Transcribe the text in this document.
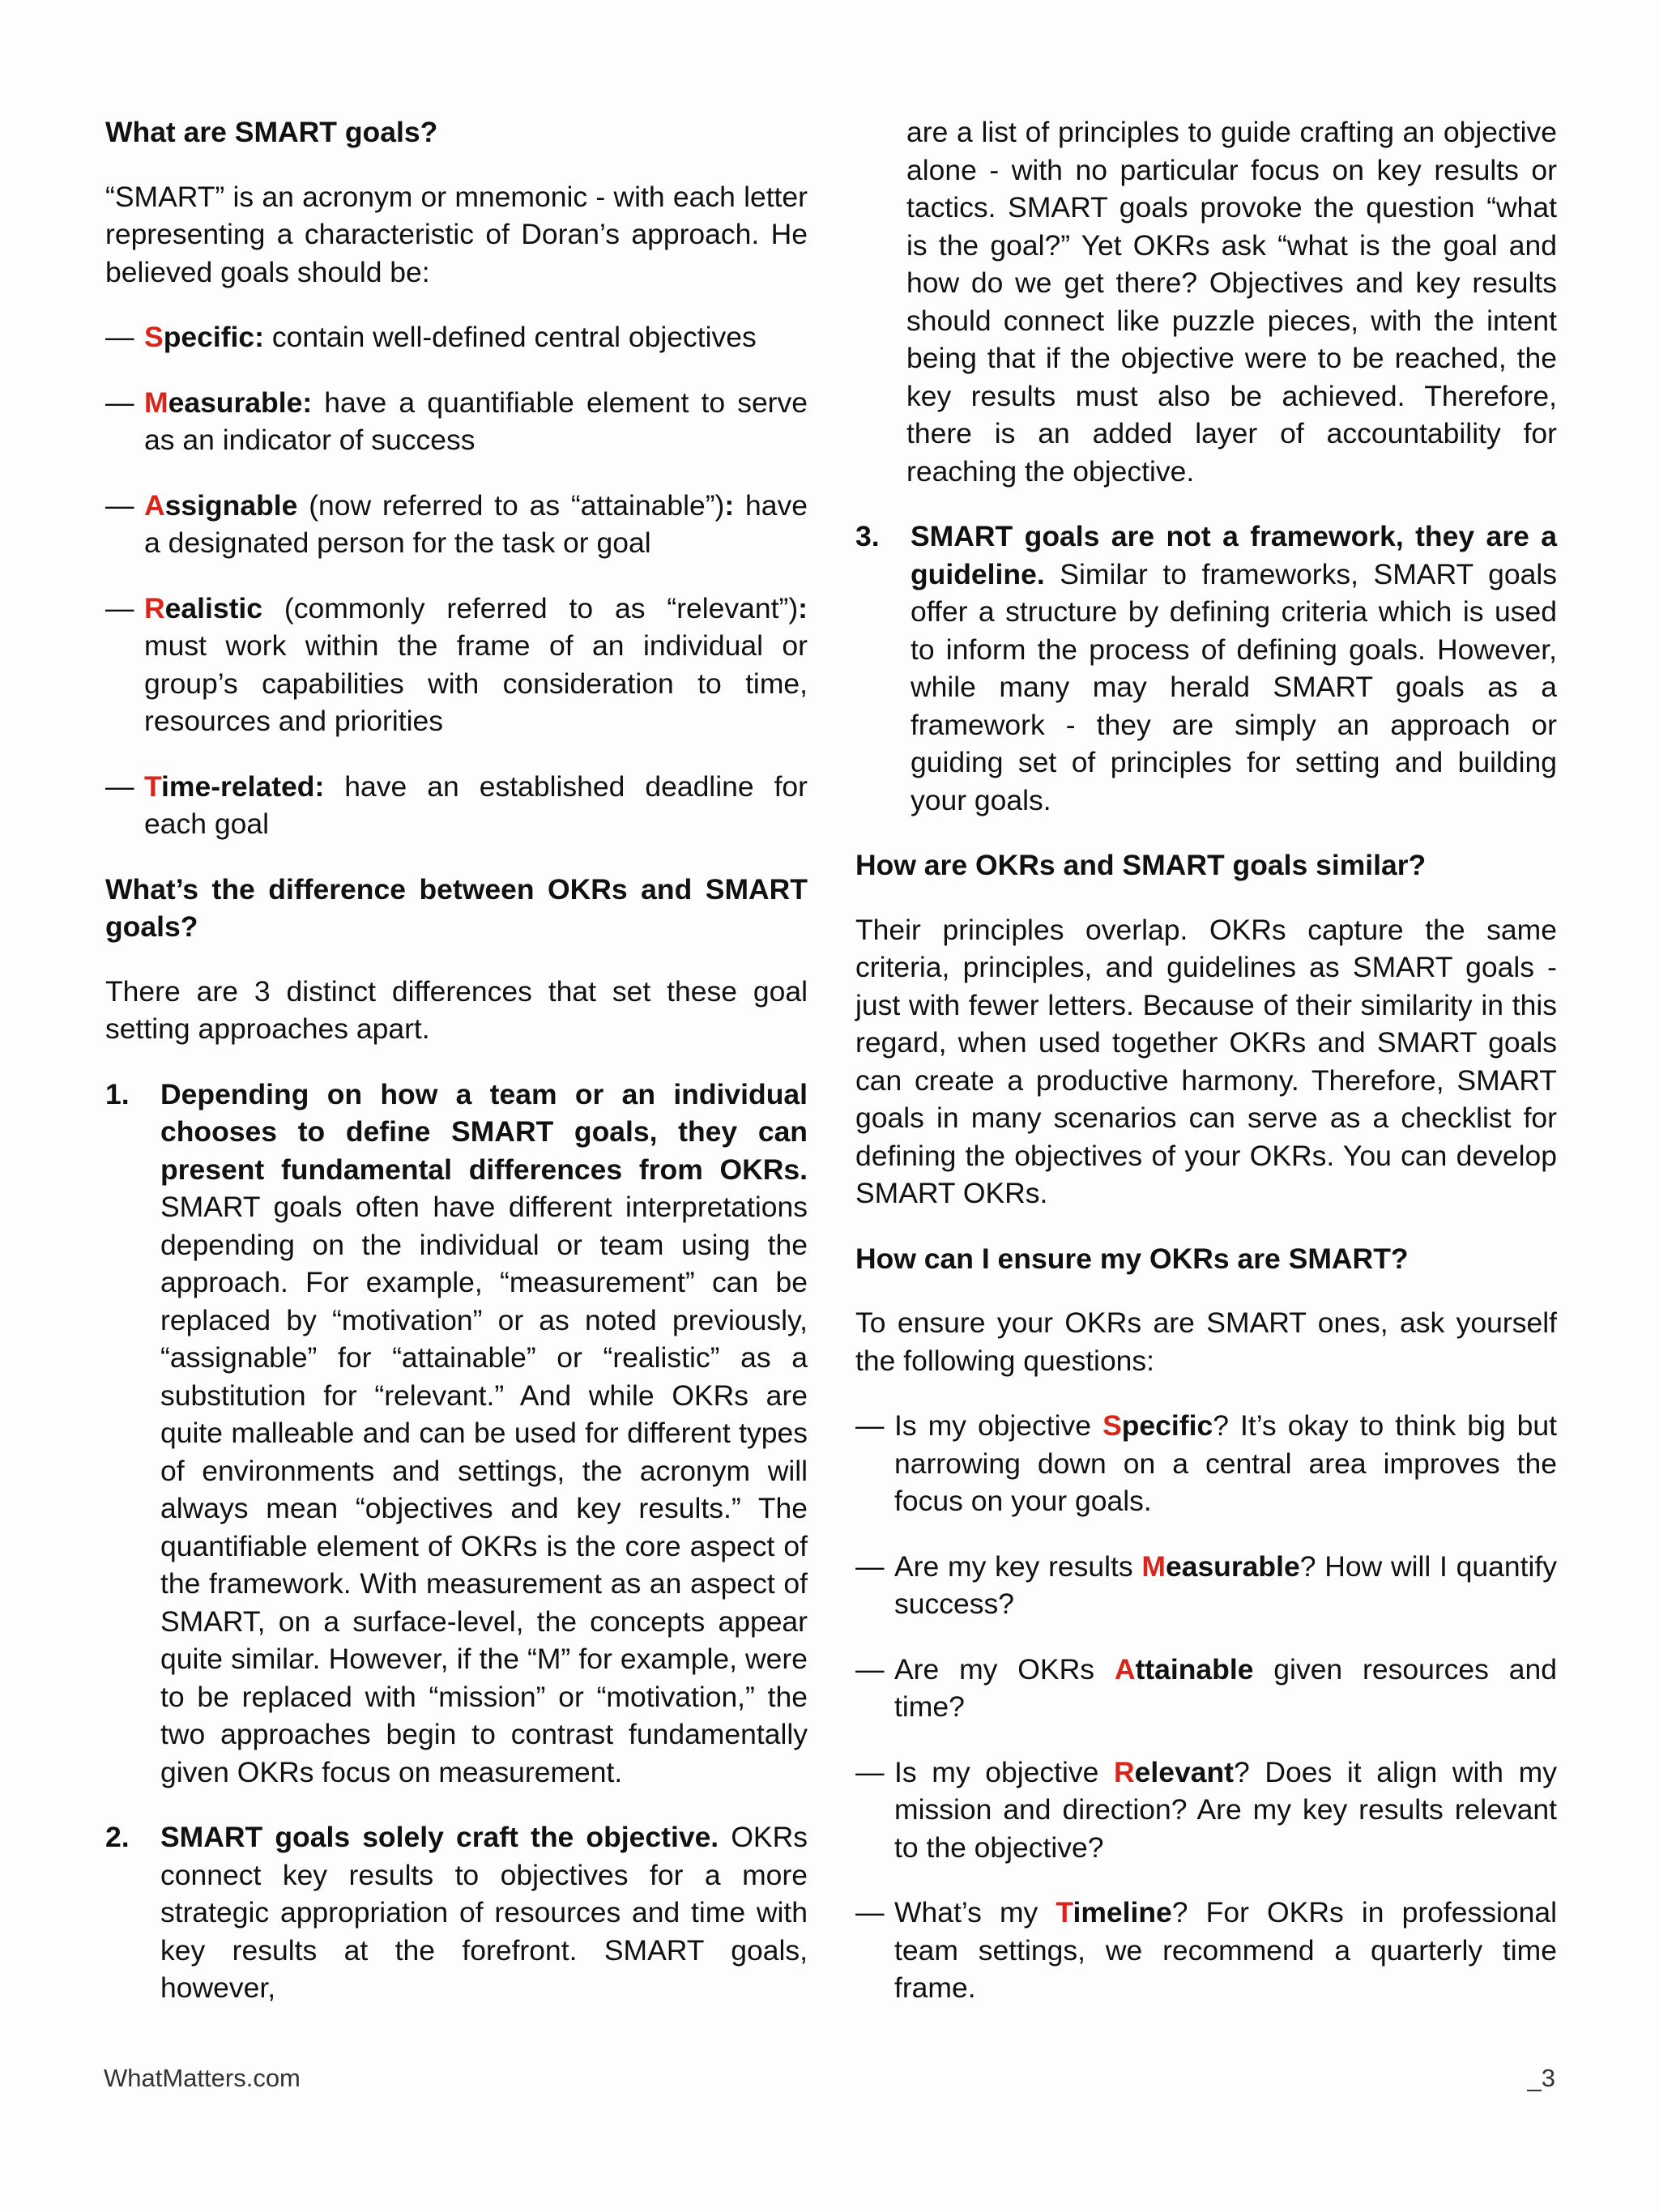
What are SMART goals?

“SMART” is an acronym or mnemonic - with each letter representing a characteristic of Doran’s approach. He believed goals should be:

— Specific: contain well-defined central objectives
— Measurable: have a quantifiable element to serve as an indicator of success
— Assignable (now referred to as “attainable”): have a designated person for the task or goal
— Realistic (commonly referred to as “relevant”): must work within the frame of an individual or group’s capabilities with consideration to time, resources and priorities
— Time-related: have an established deadline for each goal
What’s the difference between OKRs and SMART goals?

There are 3 distinct differences that set these goal setting approaches apart.

1. Depending on how a team or an individual chooses to define SMART goals, they can present fundamental differences from OKRs. SMART goals often have different interpretations depending on the individual or team using the approach. For example, “measurement” can be replaced by “motivation” or as noted previously, “assignable” for “attainable” or “realistic” as a substitution for “relevant.” And while OKRs are quite malleable and can be used for different types of environments and settings, the acronym will always mean “objectives and key results.” The quantifiable element of OKRs is the core aspect of the framework. With measurement as an aspect of SMART, on a surface-level, the concepts appear quite similar. However, if the “M” for example, were to be replaced with “mission” or “motivation,” the two approaches begin to contrast fundamentally given OKRs focus on measurement.
2. SMART goals solely craft the objective. OKRs connect key results to objectives for a more strategic appropriation of resources and time with key results at the forefront. SMART goals, however,

are a list of principles to guide crafting an objective alone - with no particular focus on key results or tactics. SMART goals provoke the question “what is the goal?” Yet OKRs ask “what is the goal and how do we get there? Objectives and key results should connect like puzzle pieces, with the intent being that if the objective were to be reached, the key results must also be achieved. Therefore, there is an added layer of accountability for reaching the objective.

3. SMART goals are not a framework, they are a guideline. Similar to frameworks, SMART goals offer a structure by defining criteria which is used to inform the process of defining goals. However, while many may herald SMART goals as a framework - they are simply an approach or guiding set of principles for setting and building your goals.
How are OKRs and SMART goals similar?

Their principles overlap. OKRs capture the same criteria, principles, and guidelines as SMART goals - just with fewer letters. Because of their similarity in this regard, when used together OKRs and SMART goals can create a productive harmony. Therefore, SMART goals in many scenarios can serve as a checklist for defining the objectives of your OKRs. You can develop SMART OKRs.

How can I ensure my OKRs are SMART?

To ensure your OKRs are SMART ones, ask yourself the following questions:

— Is my objective Specific? It’s okay to think big but narrowing down on a central area improves the focus on your goals.
— Are my key results Measurable? How will I quantify success?
— Are my OKRs Attainable given resources and time?
— Is my objective Relevant? Does it align with my mission and direction? Are my key results relevant to the objective?
— What’s my Timeline? For OKRs in professional team settings, we recommend a quarterly time frame.
WhatMatters.com	_3
